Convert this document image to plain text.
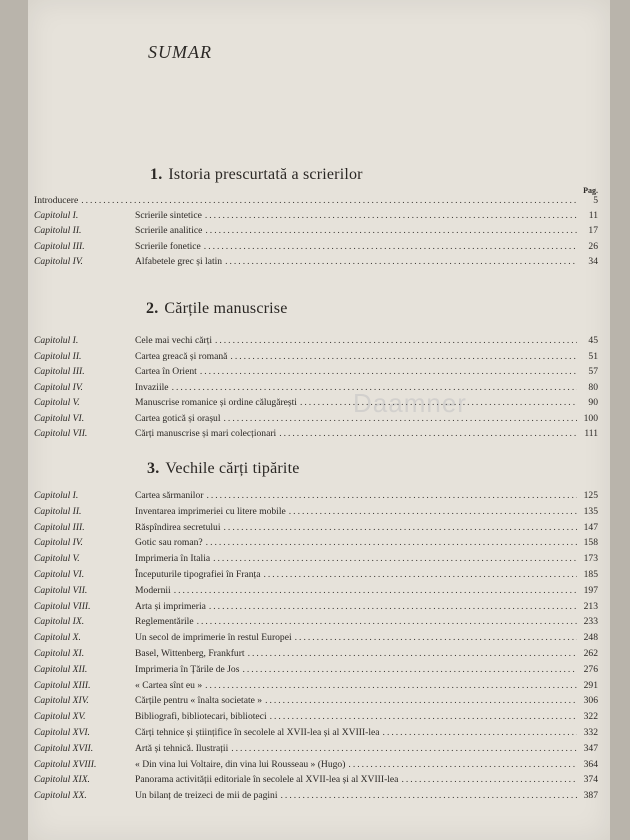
SUMAR
1. Istoria prescurtată a scrierilor
Pag.
Introducere .....	5
Capitolul I.	Scrierile sintetice .....	11
Capitolul II.	Scrierile analitice .....	17
Capitolul III.	Scrierile fonetice .....	26
Capitolul IV.	Alfabetele grec și latin .....	34
2. Cărțile manuscrise
Capitolul I.	Cele mai vechi cărți .....	45
Capitolul II.	Cartea greacă și romană .....	51
Capitolul III.	Cartea în Orient .....	57
Capitolul IV.	Invaziile .....	80
Capitolul V.	Manuscrise romanice și ordine călugărești .....	90
Capitolul VI.	Cartea gotică și orașul .....	100
Capitolul VII.	Cărți manuscrise și mari colecționari .....	111
3. Vechile cărți tipărite
Capitolul I.	Cartea sărmanilor .....	125
Capitolul II.	Inventarea imprimeriei cu litere mobile .....	135
Capitolul III.	Răspîndirea secretului .....	147
Capitolul IV.	Gotic sau roman? .....	158
Capitolul V.	Imprimeria în Italia .....	173
Capitolul VI.	Începuturile tipografiei în Franța .....	185
Capitolul VII.	Modernii .....	197
Capitolul VIII.	Arta și imprimeria .....	213
Capitolul IX.	Reglementările .....	233
Capitolul X.	Un secol de imprimerie în restul Europei .....	248
Capitolul XI.	Basel, Wittenberg, Frankfurt .....	262
Capitolul XII.	Imprimeria în Țările de Jos .....	276
Capitolul XIII.	« Cartea sînt eu » .....	291
Capitolul XIV.	Cărțile pentru « înalta societate » .....	306
Capitolul XV.	Bibliografi, bibliotecari, biblioteci .....	322
Capitolul XVI.	Cărți tehnice și științifice în secolele al XVII-lea și al XVIII-lea .....	332
Capitolul XVII.	Artă și tehnică. Ilustrații .....	347
Capitolul XVIII.	« Din vina lui Voltaire, din vina lui Rousseau » (Hugo) .....	364
Capitolul XIX.	Panorama activității editoriale în secolele al XVII-lea și al XVIII-lea .....	374
Capitolul XX.	Un bilanț de treizeci de mii de pagini .....	387
Daamner
